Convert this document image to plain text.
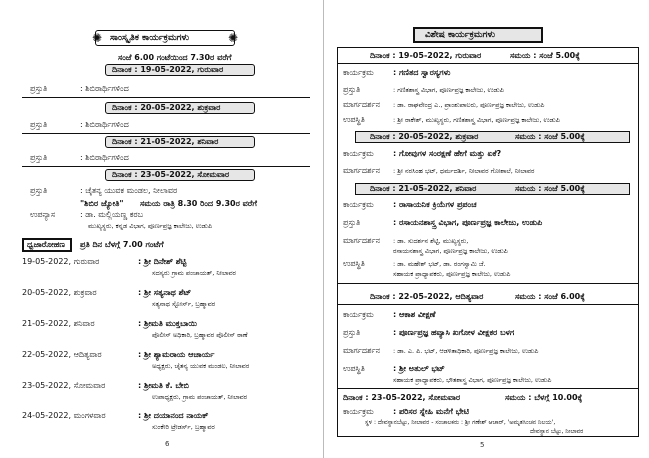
✺	✺
ಸಾಂಸ್ಕೃತಿಕ ಕಾರ್ಯಕ್ರಮಗಳು
ಸಂಜೆ 6.00 ಗಂಟೆಯಿಂದ 7.30ರ ವರೆಗೆ
ದಿನಾಂಕ : 19-05-2022, ಗುರುವಾರ
ಪ್ರಸ್ತುತಿ	: ಶಿಬಿರಾರ್ಥಿಗಳಿಂದ
ದಿನಾಂಕ : 20-05-2022, ಶುಕ್ರವಾರ
ಪ್ರಸ್ತುತಿ	: ಶಿಬಿರಾರ್ಥಿಗಳಿಂದ
ದಿನಾಂಕ : 21-05-2022, ಶನಿವಾರ
ಪ್ರಸ್ತುತಿ	: ಶಿಬಿರಾರ್ಥಿಗಳಿಂದ
ದಿನಾಂಕ : 23-05-2022, ಸೋಮವಾರ
ಪ್ರಸ್ತುತಿ	: ಚೈತನ್ಯ ಯುವಕ ಮಂಡಲ, ನೀಲಾವರ
"ಶಿಬಿರ ಜ್ಯೋತಿ" ಸಮಯ ರಾತ್ರಿ 8.30 ರಿಂದ 9.30ರ ವರೆಗೆ
ಉಪನ್ಯಾಸ	: ಡಾ. ಮಲ್ಲಿಯಣ್ಣ ಕರಬ
ಮುಖ್ಯಸ್ಥರು, ಕನ್ನಡ ವಿಭಾಗ, ಪೂರ್ಣಪ್ರಜ್ಞ ಕಾಲೇಜು, ಉಡುಪಿ
ಧ್ವಜಾರೋಹಣ ಪ್ರತಿ ದಿನ ಬೆಳಗ್ಗೆ 7.00 ಗಂಟೆಗೆ
19-05-2022, ಗುರುವಾರ	: ಶ್ರೀ ದಿನೇಶ್ ಶೆಟ್ಟಿ
ಸದಸ್ಯರು ಗ್ರಾಮ ಪಂಚಾಯತ್, ನೀಲಾವರ
20-05-2022, ಶುಕ್ರವಾರ	: ಶ್ರೀ ಸತ್ಯನಾಥ ಶೆಟ್
ಸತ್ಯನಾಥ ಸ್ಟೋರ್ಸ್, ಬ್ರಹ್ಮಾವರ
21-05-2022, ಶನಿವಾರ	: ಶ್ರೀಮತಿ ಮುಕ್ತಬಾಯಿ
ಪೊಲೀಸ್ ಅಧಿಕಾರಿ, ಬ್ರಹ್ಮಾವರ ಪೊಲೀಸ್ ಠಾಣೆ
22-05-2022, ಆದಿತ್ಯವಾರ	: ಶ್ರೀ ಶ್ಯಾಮರಾಯ ಆಚಾರ್ಯ
ಅಧ್ಯಕ್ಷರು, ಚೈತನ್ಯ ಯುವಕ ಮಂಡಲ, ನೀಲಾವರ
23-05-2022, ಸೋಮವಾರ	: ಶ್ರೀಮತಿ ಕೆ. ಬೇಬಿ
ಉಪಾಧ್ಯಕ್ಷರು, ಗ್ರಾಮ ಪಂಚಾಯತ್, ನೀಲಾವರ
24-05-2022, ಮಂಗಳವಾರ	: ಶ್ರೀ ದಯಾನಂದ ನಾಯಕ್
ಸುಂಕೇರಿ ಟ್ರೇಡರ್ಸ್, ಬ್ರಹ್ಮಾವರ
6
ವಿಶೇಷ ಕಾರ್ಯಕ್ರಮಗಳು
ದಿನಾಂಕ : 19-05-2022, ಗುರುವಾರ	ಸಮಯ : ಸಂಜೆ 5.00ಕ್ಕೆ
ಕಾರ್ಯಕ್ರಮ : ಗಣಿತದ ಸ್ವಾರಸ್ಯಗಳು
ಪ್ರಸ್ತುತಿ	: ಗಣಿತಶಾಸ್ತ್ರ ವಿಭಾಗ, ಪೂರ್ಣಪ್ರಜ್ಞ ಕಾಲೇಜು, ಉಡುಪಿ
ಮಾರ್ಗದರ್ಶನ : ಡಾ. ರಾಘವೇಂದ್ರ ಎ., ಪ್ರಾಂಶುಪಾಲರು, ಪೂರ್ಣಪ್ರಜ್ಞ ಕಾಲೇಜು, ಉಡುಪಿ
ಉಪಸ್ಥಿತಿ	: ಶ್ರೀ ರಾಕೇಶ್, ಮುಖ್ಯಸ್ಥರು, ಗಣಿತಶಾಸ್ತ್ರ ವಿಭಾಗ, ಪೂರ್ಣಪ್ರಜ್ಞ ಕಾಲೇಜು, ಉಡುಪಿ
ದಿನಾಂಕ : 20-05-2022, ಶುಕ್ರವಾರ	ಸಮಯ : ಸಂಜೆ 5.00ಕ್ಕೆ
ಕಾರ್ಯಕ್ರಮ : ಗೋವುಗಳ ಸಂರಕ್ಷಣೆ ಹೇಗೆ ಮತ್ತು ಏಕೆ?
ಮಾರ್ಗದರ್ಶನ : ಶ್ರೀ ನರಸಿಂಹ ಭಟ್, ಧರ್ಮದರ್ಶಿ, ನೀಲಾವರ ಗೋಶಾಲೆ, ನೀಲಾವರ
ದಿನಾಂಕ : 21-05-2022, ಶನಿವಾರ	ಸಮಯ : ಸಂಜೆ 5.00ಕ್ಕೆ
ಕಾರ್ಯಕ್ರಮ : ರಾಸಾಯನಿಕ ಕ್ರಿಯೆಗಳ ಪ್ರಪಂಚ
ಪ್ರಸ್ತುತಿ	: ರಸಾಯನಶಾಸ್ತ್ರ ವಿಭಾಗ, ಪೂರ್ಣಪ್ರಜ್ಞ ಕಾಲೇಜು, ಉಡುಪಿ
ಮಾರ್ಗದರ್ಶನ : ಡಾ. ಸುದರ್ಶನ ಶೆಟ್ಟಿ, ಮುಖ್ಯಸ್ಥರು,
ರಸಾಯನಶಾಸ್ತ್ರ ವಿಭಾಗ, ಪೂರ್ಣಪ್ರಜ್ಞ ಕಾಲೇಜು, ಉಡುಪಿ
ಉಪಸ್ಥಿತಿ	: ಡಾ. ಮಹೇಶ್ ಭಟ್, ಡಾ. ರಂಗಸ್ವಾಮಿ ಜೆ.
ಸಹಾಯಕ ಪ್ರಾಧ್ಯಾಪಕರು, ಪೂರ್ಣಪ್ರಜ್ಞ ಕಾಲೇಜು, ಉಡುಪಿ
ದಿನಾಂಕ : 22-05-2022, ಆದಿತ್ಯವಾರ	ಸಮಯ : ಸಂಜೆ 6.00ಕ್ಕೆ
ಕಾರ್ಯಕ್ರಮ : ಆಕಾಶ ವೀಕ್ಷಣೆ
ಪ್ರಸ್ತುತಿ	: ಪೂರ್ಣಪ್ರಜ್ಞ ಹವ್ಯಾಸಿ ಖಗೋಳ ವೀಕ್ಷಕರ ಬಳಗ
ಮಾರ್ಗದರ್ಶನ : ಡಾ. ಎ. ಪಿ. ಭಟ್, ಆಡಳಿತಾಧಿಕಾರಿ, ಪೂರ್ಣಪ್ರಜ್ಞ ಕಾಲೇಜು, ಉಡುಪಿ
ಉಪಸ್ಥಿತಿ	: ಶ್ರೀ ಅತುಲ್ ಭಟ್
ಸಹಾಯಕ ಪ್ರಾಧ್ಯಾಪಕರು, ಭೌತಶಾಸ್ತ್ರ ವಿಭಾಗ, ಪೂರ್ಣಪ್ರಜ್ಞ ಕಾಲೇಜು, ಉಡುಪಿ
ದಿನಾಂಕ : 23-05-2022, ಸೋಮವಾರ	ಸಮಯ : ಬೆಳಗ್ಗೆ 10.00ಕ್ಕೆ
ಕಾರ್ಯಕ್ರಮ : ಪರಿಸರ ಸ್ನೇಹಿ ಮನೆಗೆ ಭೇಟಿ
ಸ್ಥಳ : ದೇವಸ್ಥಾನಬೆಟ್ಟು, ನೀಲಾವರ - ಸಂಚಾಲಕರು : ಶ್ರೀ ಗಣೇಶ್ ಆಚಾರ್, 'ಅಮೃತಸಿಂಚನ ನಿಲಯ',
ದೇವಸ್ಥಾನ ಬೆಟ್ಟು, ನೀಲಾವರ
5
